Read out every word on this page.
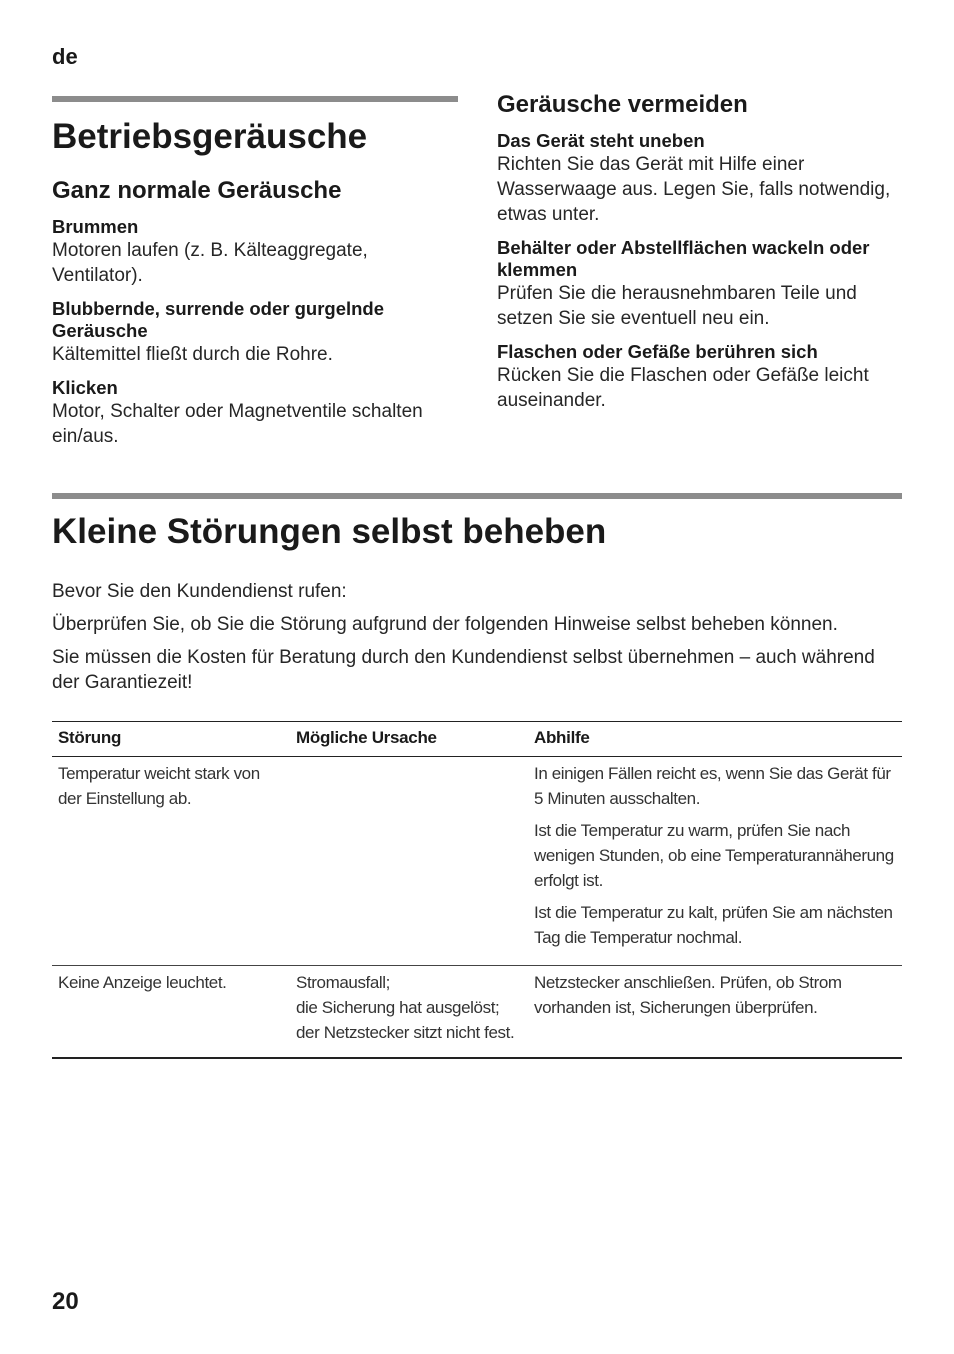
de
Betriebsgeräusche
Ganz normale Geräusche
Brummen
Motoren laufen (z. B. Kälteaggregate, Ventilator).
Blubbernde, surrende oder gurgelnde Geräusche
Kältemittel fließt durch die Rohre.
Klicken
Motor, Schalter oder Magnetventile schalten ein/aus.
Geräusche vermeiden
Das Gerät steht uneben
Richten Sie das Gerät mit Hilfe einer Wasserwaage aus. Legen Sie, falls notwendig, etwas unter.
Behälter oder Abstellflächen wackeln oder klemmen
Prüfen Sie die herausnehmbaren Teile und setzen Sie sie eventuell neu ein.
Flaschen oder Gefäße berühren sich
Rücken Sie die Flaschen oder Gefäße leicht auseinander.
Kleine Störungen selbst beheben

Bevor Sie den Kundendienst rufen:

Überprüfen Sie, ob Sie die Störung aufgrund der folgenden Hinweise selbst beheben können.

Sie müssen die Kosten für Beratung durch den Kundendienst selbst übernehmen – auch während der Garantiezeit!

Störung	Mögliche Ursache	Abhilfe
Temperatur weicht stark von der Einstellung ab.		In einigen Fällen reicht es, wenn Sie das Gerät für 5 Minuten ausschalten.
Ist die Temperatur zu warm, prüfen Sie nach wenigen Stunden, ob eine Temperaturannäherung erfolgt ist.
Ist die Temperatur zu kalt, prüfen Sie am nächsten Tag die Temperatur nochmal.

Keine Anzeige leuchtet.	Stromausfall;
die Sicherung hat ausgelöst;
der Netzstecker sitzt nicht fest.	Netzstecker anschließen. Prüfen, ob Strom vorhanden ist, Sicherungen überprüfen.
20
